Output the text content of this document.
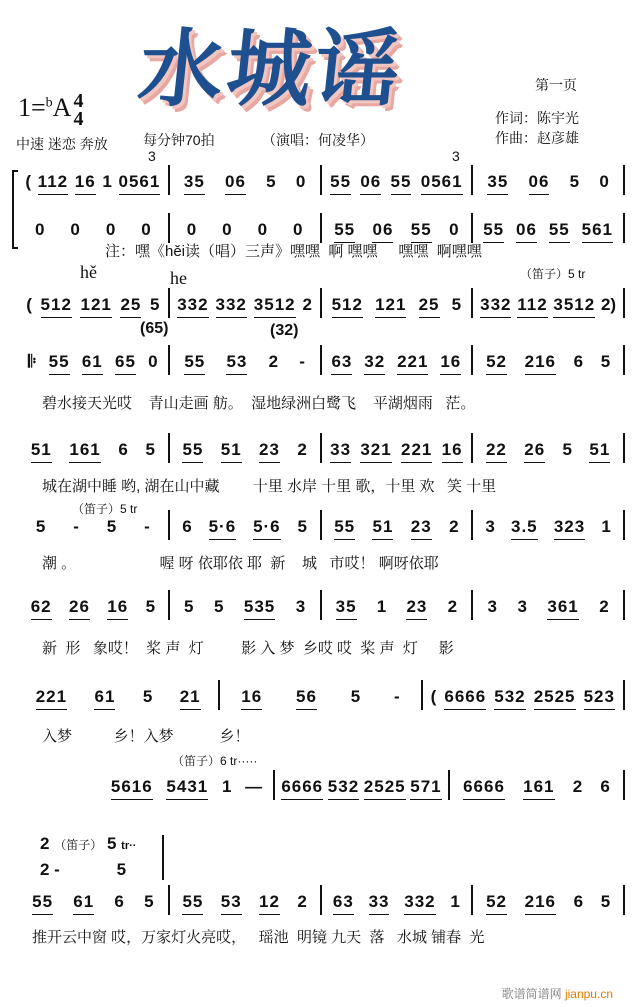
水城谣	第一页
作词：陈宇光
作曲：赵彦雄
1=$^b$A 4
4
中速 迷恋 奔放	每分钟70拍	（演唱：何凌华）
3	3
( 112 16 1 0561 35 06 5 0 55 06 55 0561 35 06 5 0
0 0 0 0 0 0 0 0 55 06 55 0 55 06 55 561
( 512 121 25 5 332 332 3512 2 512 121 25 5 332 112 3512 2)
𝄆 55 61 65 0 55 53 2 - 63 32 221 16 52 216 6 5
51 161 6 5 55 51 23 2 33 321 221 16 22 26 5 51
5 - 5 - 6 5·6 5·6 5 55 51 23 2 3 3.5 323 1
62 26 16 5 5 5 535 3 35 1 23 2 3 3 361 2
221 61 5 21 16 56 5 - ( 6666 532 2525 523
5616 5431 1 — 6666 532 2525 571 6666 161 2 6
55 61 6 5 55 53 12 2 63 33 332 1 52 216 6 5
注：嘿《hěi读（唱）三声》嘿嘿  啊 嘿嘿     嘿嘿  啊嘿嘿
hě	he	（笛子）5 tr
(65)	(32)
（笛子）5 tr
（笛子）6 tr·····
碧水接天光哎    青山走画 舫。  湿地绿洲白鹭飞    平湖烟雨   茫。
城在湖中睡 哟, 湖在山中藏        十里 水岸 十里 歌，十里 欢   笑 十里
潮 。                    喔 呀 依耶依 耶  新    城   市哎！ 啊呀依耶
新  形   象哎！  桨 声  灯         影 入 梦  乡哎 哎  桨 声  灯     影
入梦          乡！入梦           乡！
推开云中窗 哎，万家灯火亮哎，   瑶池  明镜 九天  落   水城 铺春  光
2 （笛子） 5 tr··
2 -	5
歌谱简谱网 jianpu.cn
